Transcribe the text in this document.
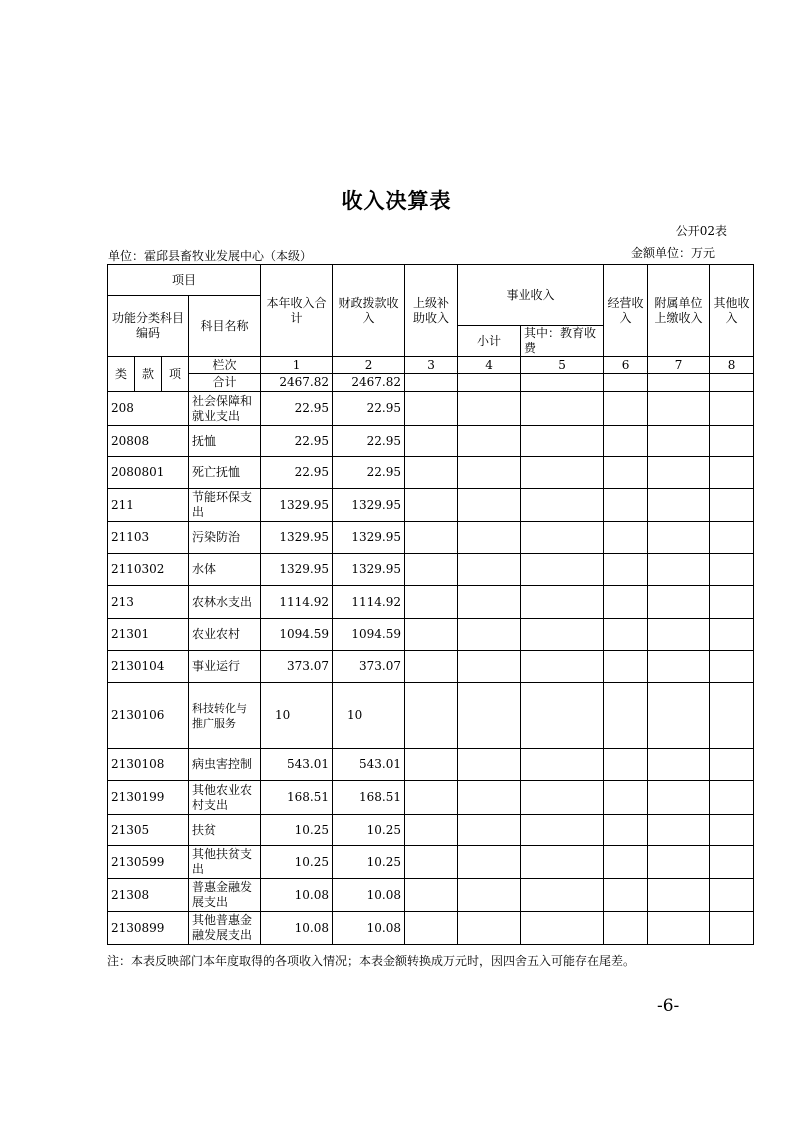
收入决算表
公开02表
金额单位：万元
单位：霍邱县畜牧业发展中心（本级）
项目				本年收入合计	财政拨款收入	上级补助收入	事业收入		经营收入	附属单位上缴收入	其他收入
功能分类科目编码			科目名称								
							小计	其中：教育收费			
类	款	项	栏次	1	2	3	4	5	6	7	8
			合计	2467.82	2467.82						
208			社会保障和就业支出	22.95	22.95						
20808			抚恤	22.95	22.95						
2080801			死亡抚恤	22.95	22.95						
211			节能环保支出	1329.95	1329.95						
21103			污染防治	1329.95	1329.95						
2110302			水体	1329.95	1329.95						
213			农林水支出	1114.92	1114.92						
21301			农业农村	1094.59	1094.59						
2130104			事业运行	373.07	373.07						
2130106			科技转化与推广服务	10	10						
2130108			病虫害控制	543.01	543.01						
2130199			其他农业农村支出	168.51	168.51						
21305			扶贫	10.25	10.25						
2130599			其他扶贫支出	10.25	10.25						
21308			普惠金融发展支出	10.08	10.08						
2130899			其他普惠金融发展支出	10.08	10.08						
注：本表反映部门本年度取得的各项收入情况；本表金额转换成万元时，因四舍五入可能存在尾差。
-6-
